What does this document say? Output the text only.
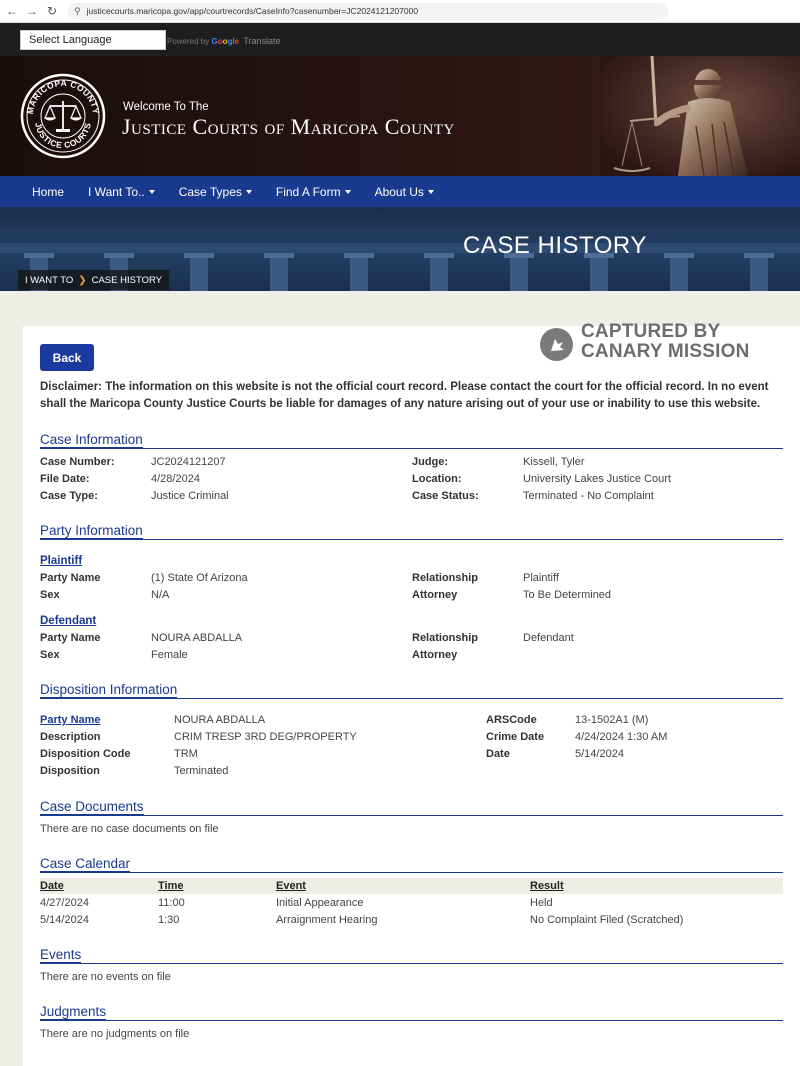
← → ↻	⚲ justicecourts.maricopa.gov/app/courtrecords/CaseInfo?casenumber=JC2024121207000
Select Language	Powered by Google Translate
MARICOPA COUNTY
JUSTICE COURTS
Welcome To The
Justice Courts of Maricopa County
Home I Want To..	Case Types	Find A Form	About Us
CASE HISTORY
I WANT TO ❯ CASE HISTORY
Back
CAPTURED BY
CANARY MISSION
Disclaimer: The information on this website is not the official court record. Please contact the court for the official record. In no event shall the Maricopa County Justice Courts be liable for damages of any nature arising out of your use or inability to use this website.
Case Information
Case Number:	JC2024121207
File Date:	4/28/2024
Case Type:	Justice Criminal
Judge:	Kissell, Tyler
Location:	University Lakes Justice Court
Case Status:	Terminated - No Complaint
Party Information
Plaintiff
Party Name	(1) State Of Arizona
Sex	N/A
Relationship	Plaintiff
Attorney	To Be Determined
Defendant
Party Name	NOURA ABDALLA
Sex	Female
Relationship	Defendant
Attorney
Disposition Information
Party Name	NOURA ABDALLA
Description	CRIM TRESP 3RD DEG/PROPERTY
Disposition Code	TRM
Disposition	Terminated
ARSCode	13-1502A1 (M)
Crime Date	4/24/2024 1:30 AM
Date	5/14/2024
Case Documents
There are no case documents on file
Case Calendar
Date	Time	Event	Result
4/27/2024	11:00	Initial Appearance	Held
5/14/2024	1:30	Arraignment Hearing	No Complaint Filed (Scratched)
Events
There are no events on file
Judgments
There are no judgments on file
